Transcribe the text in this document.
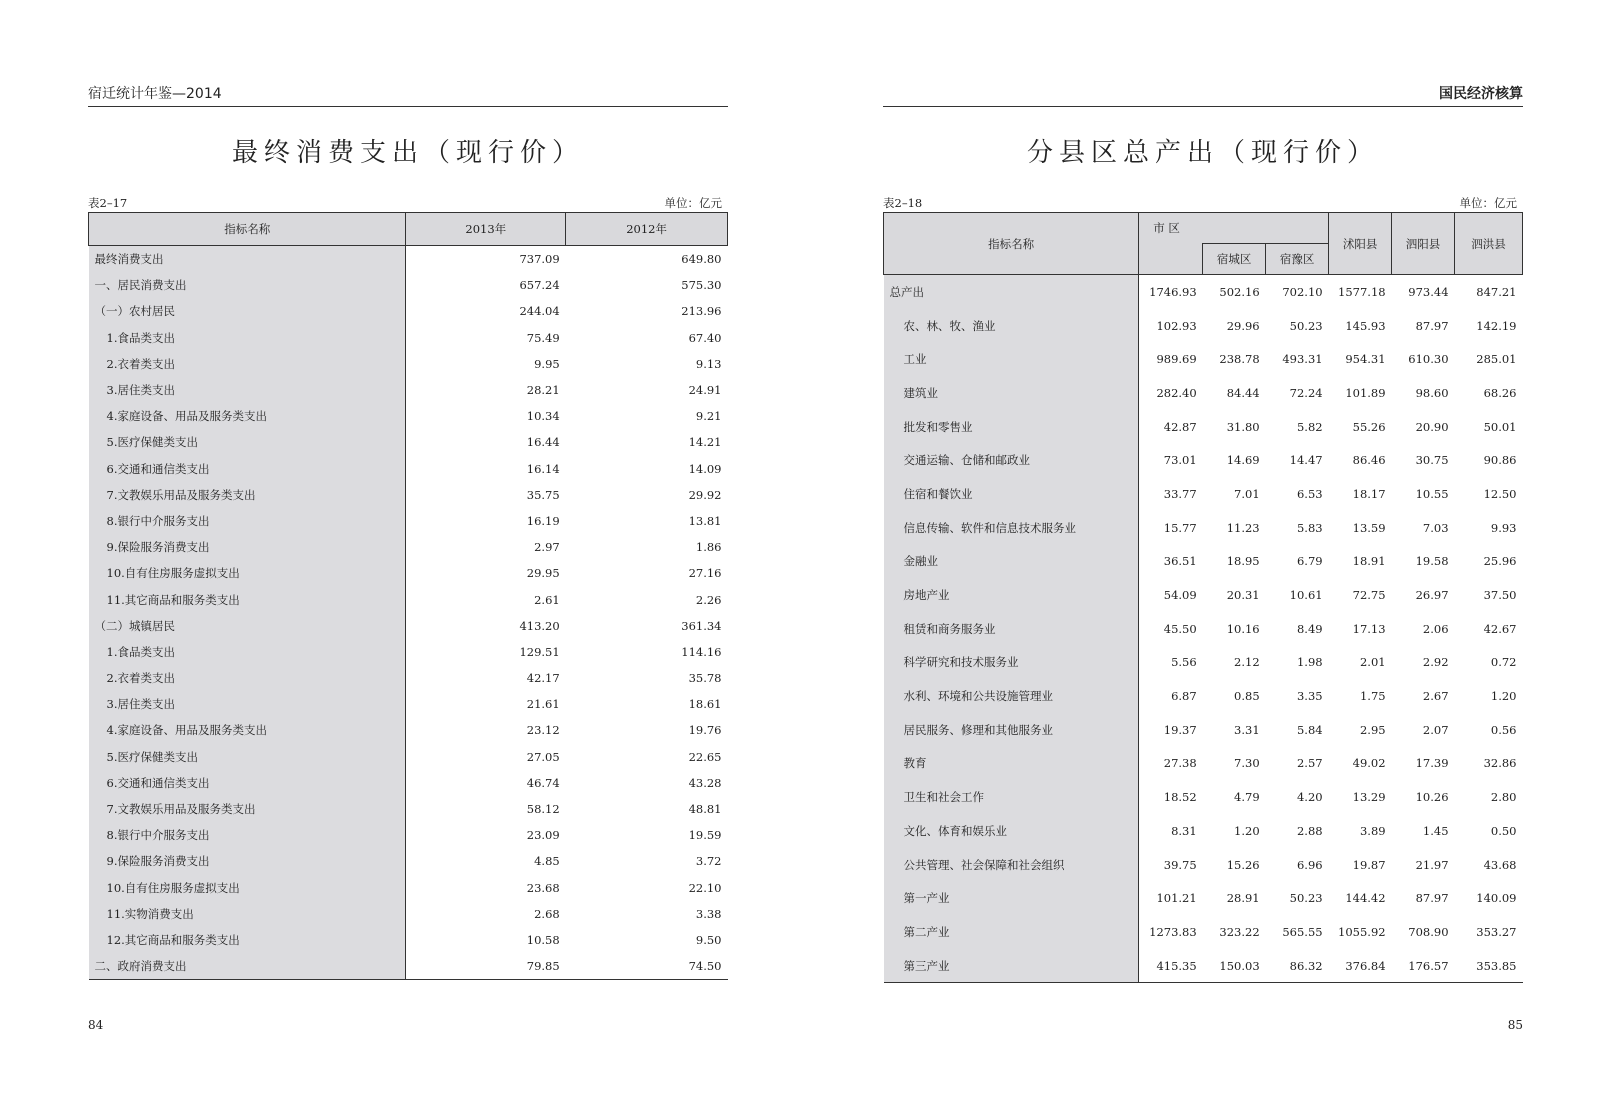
宿迁统计年鉴—2014
最终消费支出（现行价）
表2–17	单位：亿元
指标名称	2013年	2012年
最终消费支出	737.09	649.80
一、居民消费支出	657.24	575.30
（一）农村居民	244.04	213.96
1.食品类支出	75.49	67.40
2.衣着类支出	9.95	9.13
3.居住类支出	28.21	24.91
4.家庭设备、用品及服务类支出	10.34	9.21
5.医疗保健类支出	16.44	14.21
6.交通和通信类支出	16.14	14.09
7.文教娱乐用品及服务类支出	35.75	29.92
8.银行中介服务支出	16.19	13.81
9.保险服务消费支出	2.97	1.86
10.自有住房服务虚拟支出	29.95	27.16
11.其它商品和服务类支出	2.61	2.26
（二）城镇居民	413.20	361.34
1.食品类支出	129.51	114.16
2.衣着类支出	42.17	35.78
3.居住类支出	21.61	18.61
4.家庭设备、用品及服务类支出	23.12	19.76
5.医疗保健类支出	27.05	22.65
6.交通和通信类支出	46.74	43.28
7.文教娱乐用品及服务类支出	58.12	48.81
8.银行中介服务支出	23.09	19.59
9.保险服务消费支出	4.85	3.72
10.自有住房服务虚拟支出	23.68	22.10
11.实物消费支出	2.68	3.38
12.其它商品和服务类支出	10.58	9.50
二、政府消费支出	79.85	74.50
84
国民经济核算
分县区总产出（现行价）
表2–18	单位：亿元
指标名称	市 区			沭阳县	泗阳县	泗洪县
		宿城区	宿豫区			
总产出	1746.93	502.16	702.10	1577.18	973.44	847.21
农、林、牧、渔业	102.93	29.96	50.23	145.93	87.97	142.19
工业	989.69	238.78	493.31	954.31	610.30	285.01
建筑业	282.40	84.44	72.24	101.89	98.60	68.26
批发和零售业	42.87	31.80	5.82	55.26	20.90	50.01
交通运输、仓储和邮政业	73.01	14.69	14.47	86.46	30.75	90.86
住宿和餐饮业	33.77	7.01	6.53	18.17	10.55	12.50
信息传输、软件和信息技术服务业	15.77	11.23	5.83	13.59	7.03	9.93
金融业	36.51	18.95	6.79	18.91	19.58	25.96
房地产业	54.09	20.31	10.61	72.75	26.97	37.50
租赁和商务服务业	45.50	10.16	8.49	17.13	2.06	42.67
科学研究和技术服务业	5.56	2.12	1.98	2.01	2.92	0.72
水利、环境和公共设施管理业	6.87	0.85	3.35	1.75	2.67	1.20
居民服务、修理和其他服务业	19.37	3.31	5.84	2.95	2.07	0.56
教育	27.38	7.30	2.57	49.02	17.39	32.86
卫生和社会工作	18.52	4.79	4.20	13.29	10.26	2.80
文化、体育和娱乐业	8.31	1.20	2.88	3.89	1.45	0.50
公共管理、社会保障和社会组织	39.75	15.26	6.96	19.87	21.97	43.68
第一产业	101.21	28.91	50.23	144.42	87.97	140.09
第二产业	1273.83	323.22	565.55	1055.92	708.90	353.27
第三产业	415.35	150.03	86.32	376.84	176.57	353.85
85
